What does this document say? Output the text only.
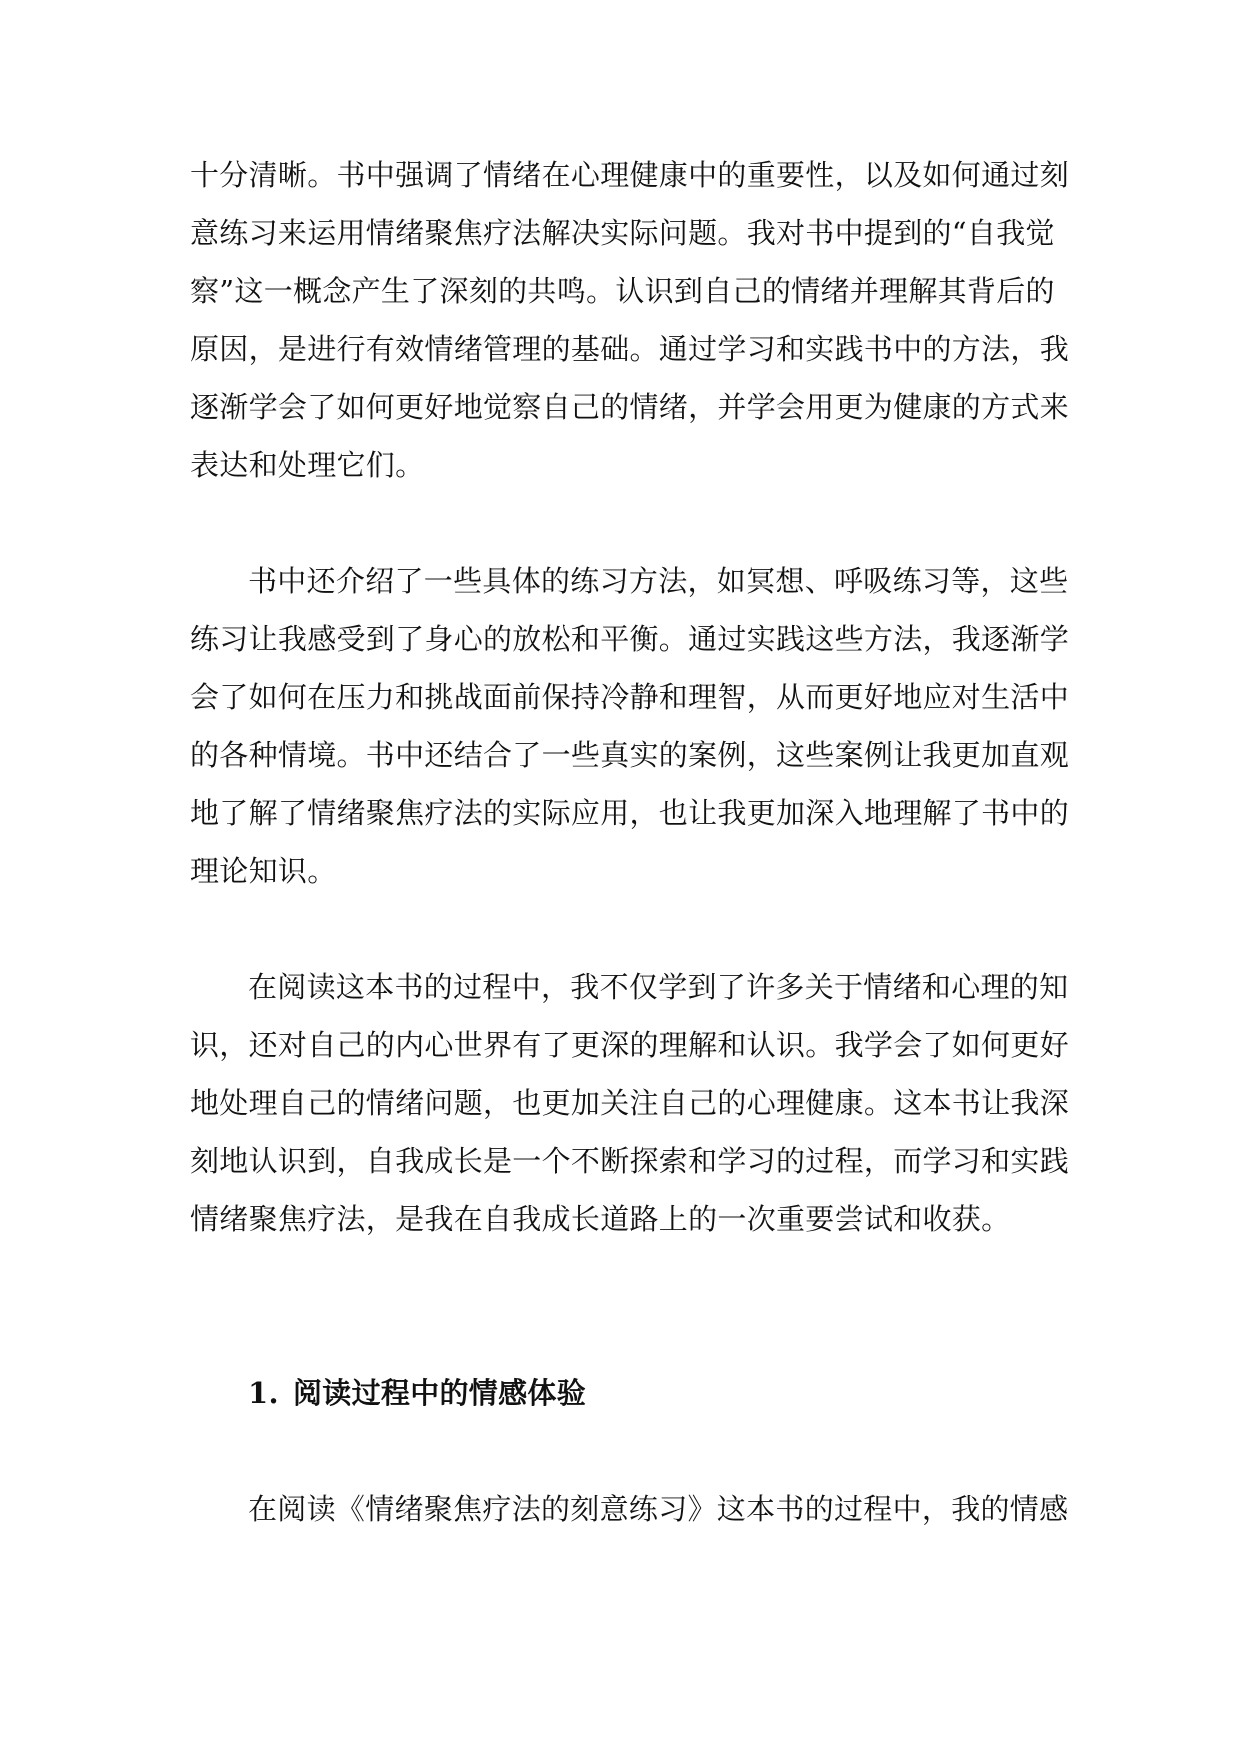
十分清晰。书中强调了情绪在心理健康中的重要性，以及如何通过刻
意练习来运用情绪聚焦疗法解决实际问题。我对书中提到的“自我觉
察”这一概念产生了深刻的共鸣。认识到自己的情绪并理解其背后的
原因，是进行有效情绪管理的基础。通过学习和实践书中的方法，我
逐渐学会了如何更好地觉察自己的情绪，并学会用更为健康的方式来
表达和处理它们。
书中还介绍了一些具体的练习方法，如冥想、呼吸练习等，这些
练习让我感受到了身心的放松和平衡。通过实践这些方法，我逐渐学
会了如何在压力和挑战面前保持冷静和理智，从而更好地应对生活中
的各种情境。书中还结合了一些真实的案例，这些案例让我更加直观
地了解了情绪聚焦疗法的实际应用，也让我更加深入地理解了书中的
理论知识。
在阅读这本书的过程中，我不仅学到了许多关于情绪和心理的知
识，还对自己的内心世界有了更深的理解和认识。我学会了如何更好
地处理自己的情绪问题，也更加关注自己的心理健康。这本书让我深
刻地认识到，自我成长是一个不断探索和学习的过程，而学习和实践
情绪聚焦疗法，是我在自我成长道路上的一次重要尝试和收获。
1. 阅读过程中的情感体验
在阅读《情绪聚焦疗法的刻意练习》这本书的过程中，我的情感
